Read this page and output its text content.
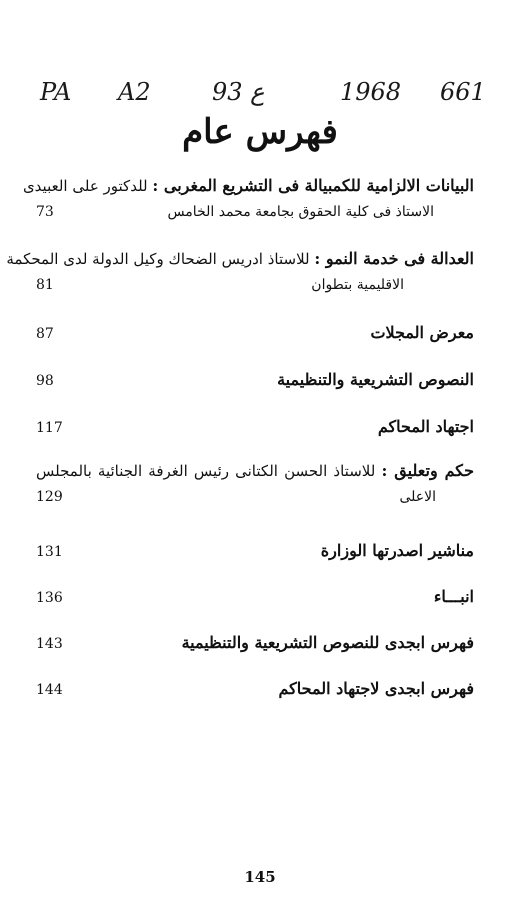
PA A2	93 ع	1968 661
فهرس عام
البيانات الالزامية للكمبيالة فى التشريع المغربى : للدكتور على العبيدى
الاستاذ فى كلية الحقوق بجامعة محمد الخامس
73
العدالة فى خدمة النمو : للاستاذ ادريس الضحاك وكيل الدولة لدى المحكمة
الاقليمية بتطوان
81
معرض المجلات
87
النصوص التشريعية والتنظيمية
98
اجتهاد المحاكم
117
حكم وتعليق : للاستاذ الحسن الكتانى رئيس الغرفة الجنائية بالمجلس
الاعلى
129
مناشير اصدرتها الوزارة
131
انبـــاء
136
فهرس ابجدى للنصوص التشريعية والتنظيمية
143
فهرس ابجدى لاجتهاد المحاكم
144
145
